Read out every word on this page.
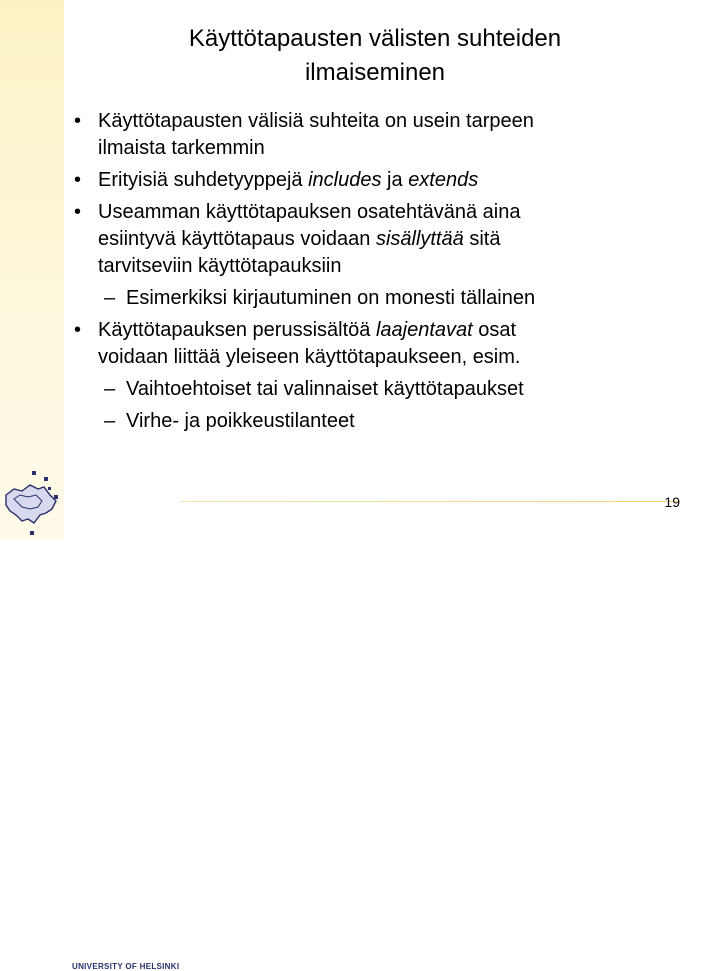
Käyttötapausten välisten suhteiden
ilmaiseminen
• Käyttötapausten välisiä suhteita on usein tarpeen
ilmaista tarkemmin
• Erityisiä suhdetyyppejä includes ja extends
• Useamman käyttötapauksen osatehtävänä aina
esiintyvä käyttötapaus voidaan sisällyttää sitä
tarvitseviin käyttötapauksiin
– Esimerkiksi kirjautuminen on monesti tällainen
• Käyttötapauksen perussisältöä laajentavat osat
voidaan liittää yleiseen käyttötapaukseen, esim.
– Vaihtoehtoiset tai valinnaiset käyttötapaukset
– Virhe- ja poikkeustilanteet
UNIVERSITY OF HELSINKI
19
